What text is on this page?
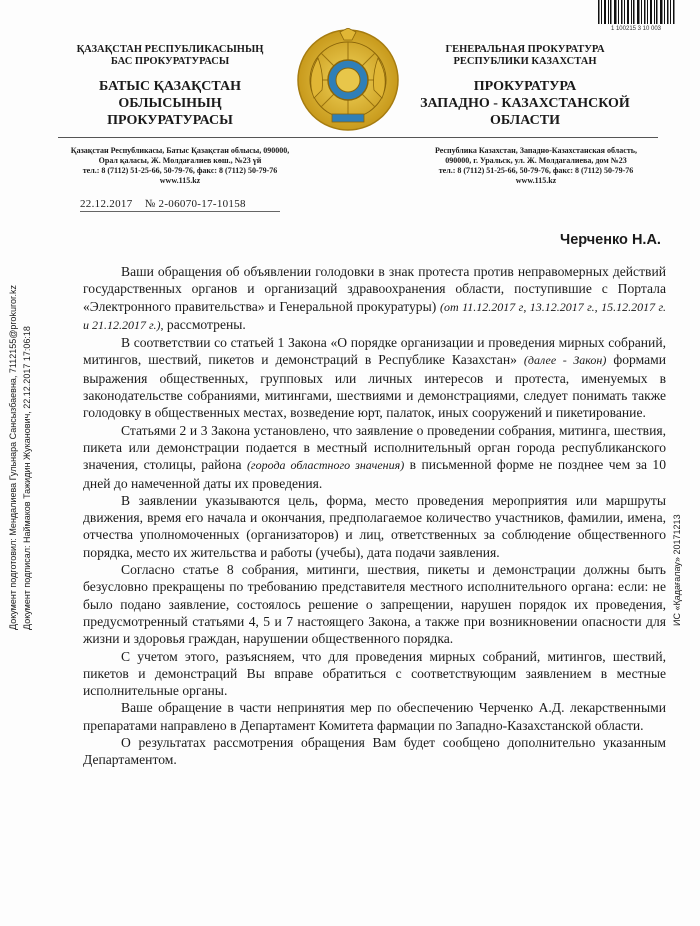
1 100215 3 10 003
ҚАЗАҚСТАН РЕСПУБЛИКАСЫНЫҢ
БАС ПРОКУРАТУРАСЫ
БАТЫС ҚАЗАҚСТАН
ОБЛЫСЫНЫҢ
ПРОКУРАТУРАСЫ
ГЕНЕРАЛЬНАЯ ПРОКУРАТУРА
РЕСПУБЛИКИ КАЗАХСТАН
ПРОКУРАТУРА
ЗАПАДНО - КАЗАХСТАНСКОЙ
ОБЛАСТИ
Қазақстан Республикасы, Батыс Қазақстан облысы, 090000,
Орал қаласы, Ж. Молдағалиев көш., №23 үй
тел.: 8 (7112) 51-25-66, 50-79-76, факс: 8 (7112) 50-79-76
www.115.kz
Республика Казахстан, Западно-Казахстанская область,
090000, г. Уральск, ул. Ж. Молдагалиева, дом №23
тел.: 8 (7112) 51-25-66, 50-79-76, факс: 8 (7112) 50-79-76
www.115.kz
22.12.2017 № 2-06070-17-10158
Черченко Н.А.
Документ подготовил: Мендалиева Гульнара Сансызбаевна, 7112155@prokuror.kz Документ подписал: Наймаков Тажидин Жуканович, 22.12.2017 17:06:18	ИС «Қадағалау» 20171213

Ваши обращения об объявлении голодовки в знак протеста против неправомерных действий государственных органов и организаций здравоохранения области, поступившие с Портала «Электронного правительства» и Генеральной прокуратуры) (от 11.12.2017 г, 13.12.2017 г., 15.12.2017 г. и 21.12.2017 г.), рассмотрены.

В соответствии со статьей 1 Закона «О порядке организации и проведения мирных собраний, митингов, шествий, пикетов и демонстраций в Республике Казахстан» (далее - Закон) формами выражения общественных, групповых или личных интересов и протеста, именуемых в законодательстве собраниями, митингами, шествиями и демонстрациями, следует понимать также голодовку в общественных местах, возведение юрт, палаток, иных сооружений и пикетирование.

Статьями 2 и 3 Закона установлено, что заявление о проведении собрания, митинга, шествия, пикета или демонстрации подается в местный исполнительный орган города республиканского значения, столицы, района (города областного значения) в письменной форме не позднее чем за 10 дней до намеченной даты их проведения.

В заявлении указываются цель, форма, место проведения мероприятия или маршруты движения, время его начала и окончания, предполагаемое количество участников, фамилии, имена, отчества уполномоченных (организаторов) и лиц, ответственных за соблюдение общественного порядка, место их жительства и работы (учебы), дата подачи заявления.

Согласно статье 8 собрания, митинги, шествия, пикеты и демонстрации должны быть безусловно прекращены по требованию представителя местного исполнительного органа: если: не было подано заявление, состоялось решение о запрещении, нарушен порядок их проведения, предусмотренный статьями 4, 5 и 7 настоящего Закона, а также при возникновении опасности для жизни и здоровья граждан, нарушении общественного порядка.

С учетом этого, разъясняем, что для проведения мирных собраний, митингов, шествий, пикетов и демонстраций Вы вправе обратиться с соответствующим заявлением в местные исполнительные органы.

Ваше обращение в части непринятия мер по обеспечению Черченко А.Д. лекарственными препаратами направлено в Департамент Комитета фармации по Западно-Казахстанской области.

О результатах рассмотрения обращения Вам будет сообщено дополнительно указанным Департаментом.
